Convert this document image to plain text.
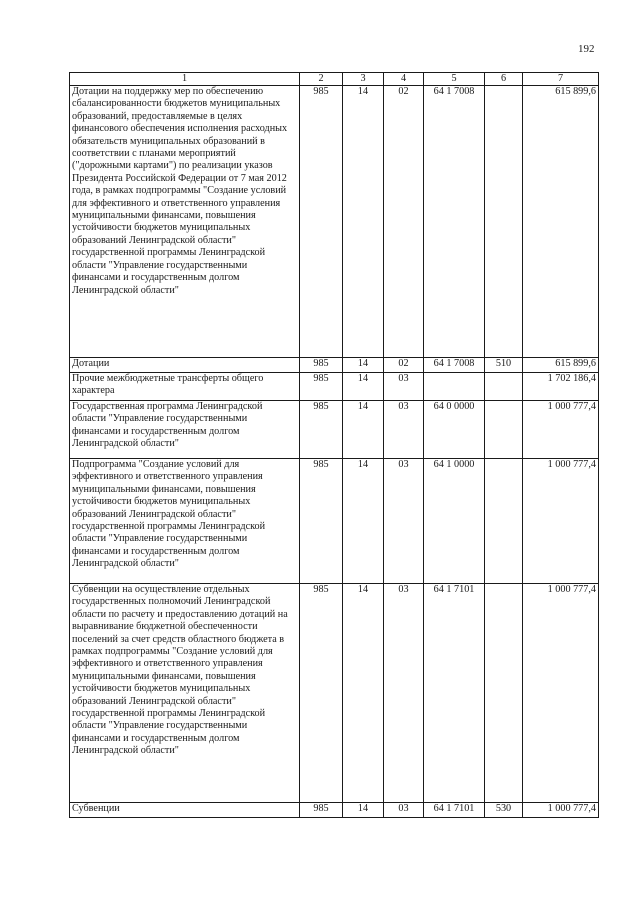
192
1	2	3	4	5	6	7
Дотации на поддержку мер по обеспечению сбалансированности бюджетов муниципальных образований, предоставляемые в целях финансового обеспечения исполнения расходных обязательств муниципальных образований в соответствии с планами мероприятий ("дорожными картами") по реализации указов Президента Российской Федерации от 7 мая 2012 года, в рамках подпрограммы "Создание условий для эффективного и ответственного управления муниципальными финансами, повышения устойчивости бюджетов муниципальных образований Ленинградской области" государственной программы Ленинградской области "Управление государственными финансами и государственным долгом Ленинградской области"	985	14	02	64 1 7008		615 899,6
Дотации	985	14	02	64 1 7008	510	615 899,6
Прочие межбюджетные трансферты общего характера	985	14	03			1 702 186,4
Государственная программа Ленинградской области "Управление государственными финансами и государственным долгом Ленинградской области"	985	14	03	64 0 0000		1 000 777,4
Подпрограмма "Создание условий для эффективного и ответственного управления муниципальными финансами, повышения устойчивости бюджетов муниципальных образований Ленинградской области" государственной программы Ленинградской области "Управление государственными финансами и государственным долгом Ленинградской области"	985	14	03	64 1 0000		1 000 777,4
Субвенции на осуществление отдельных государственных полномочий Ленинградской области по расчету и предоставлению дотаций на выравнивание бюджетной обеспеченности поселений за счет средств областного бюджета в рамках подпрограммы "Создание условий для эффективного и ответственного управления муниципальными финансами, повышения устойчивости бюджетов муниципальных образований Ленинградской области" государственной программы Ленинградской области "Управление государственными финансами и государственным долгом Ленинградской области"	985	14	03	64 1 7101		1 000 777,4
Субвенции	985	14	03	64 1 7101	530	1 000 777,4
